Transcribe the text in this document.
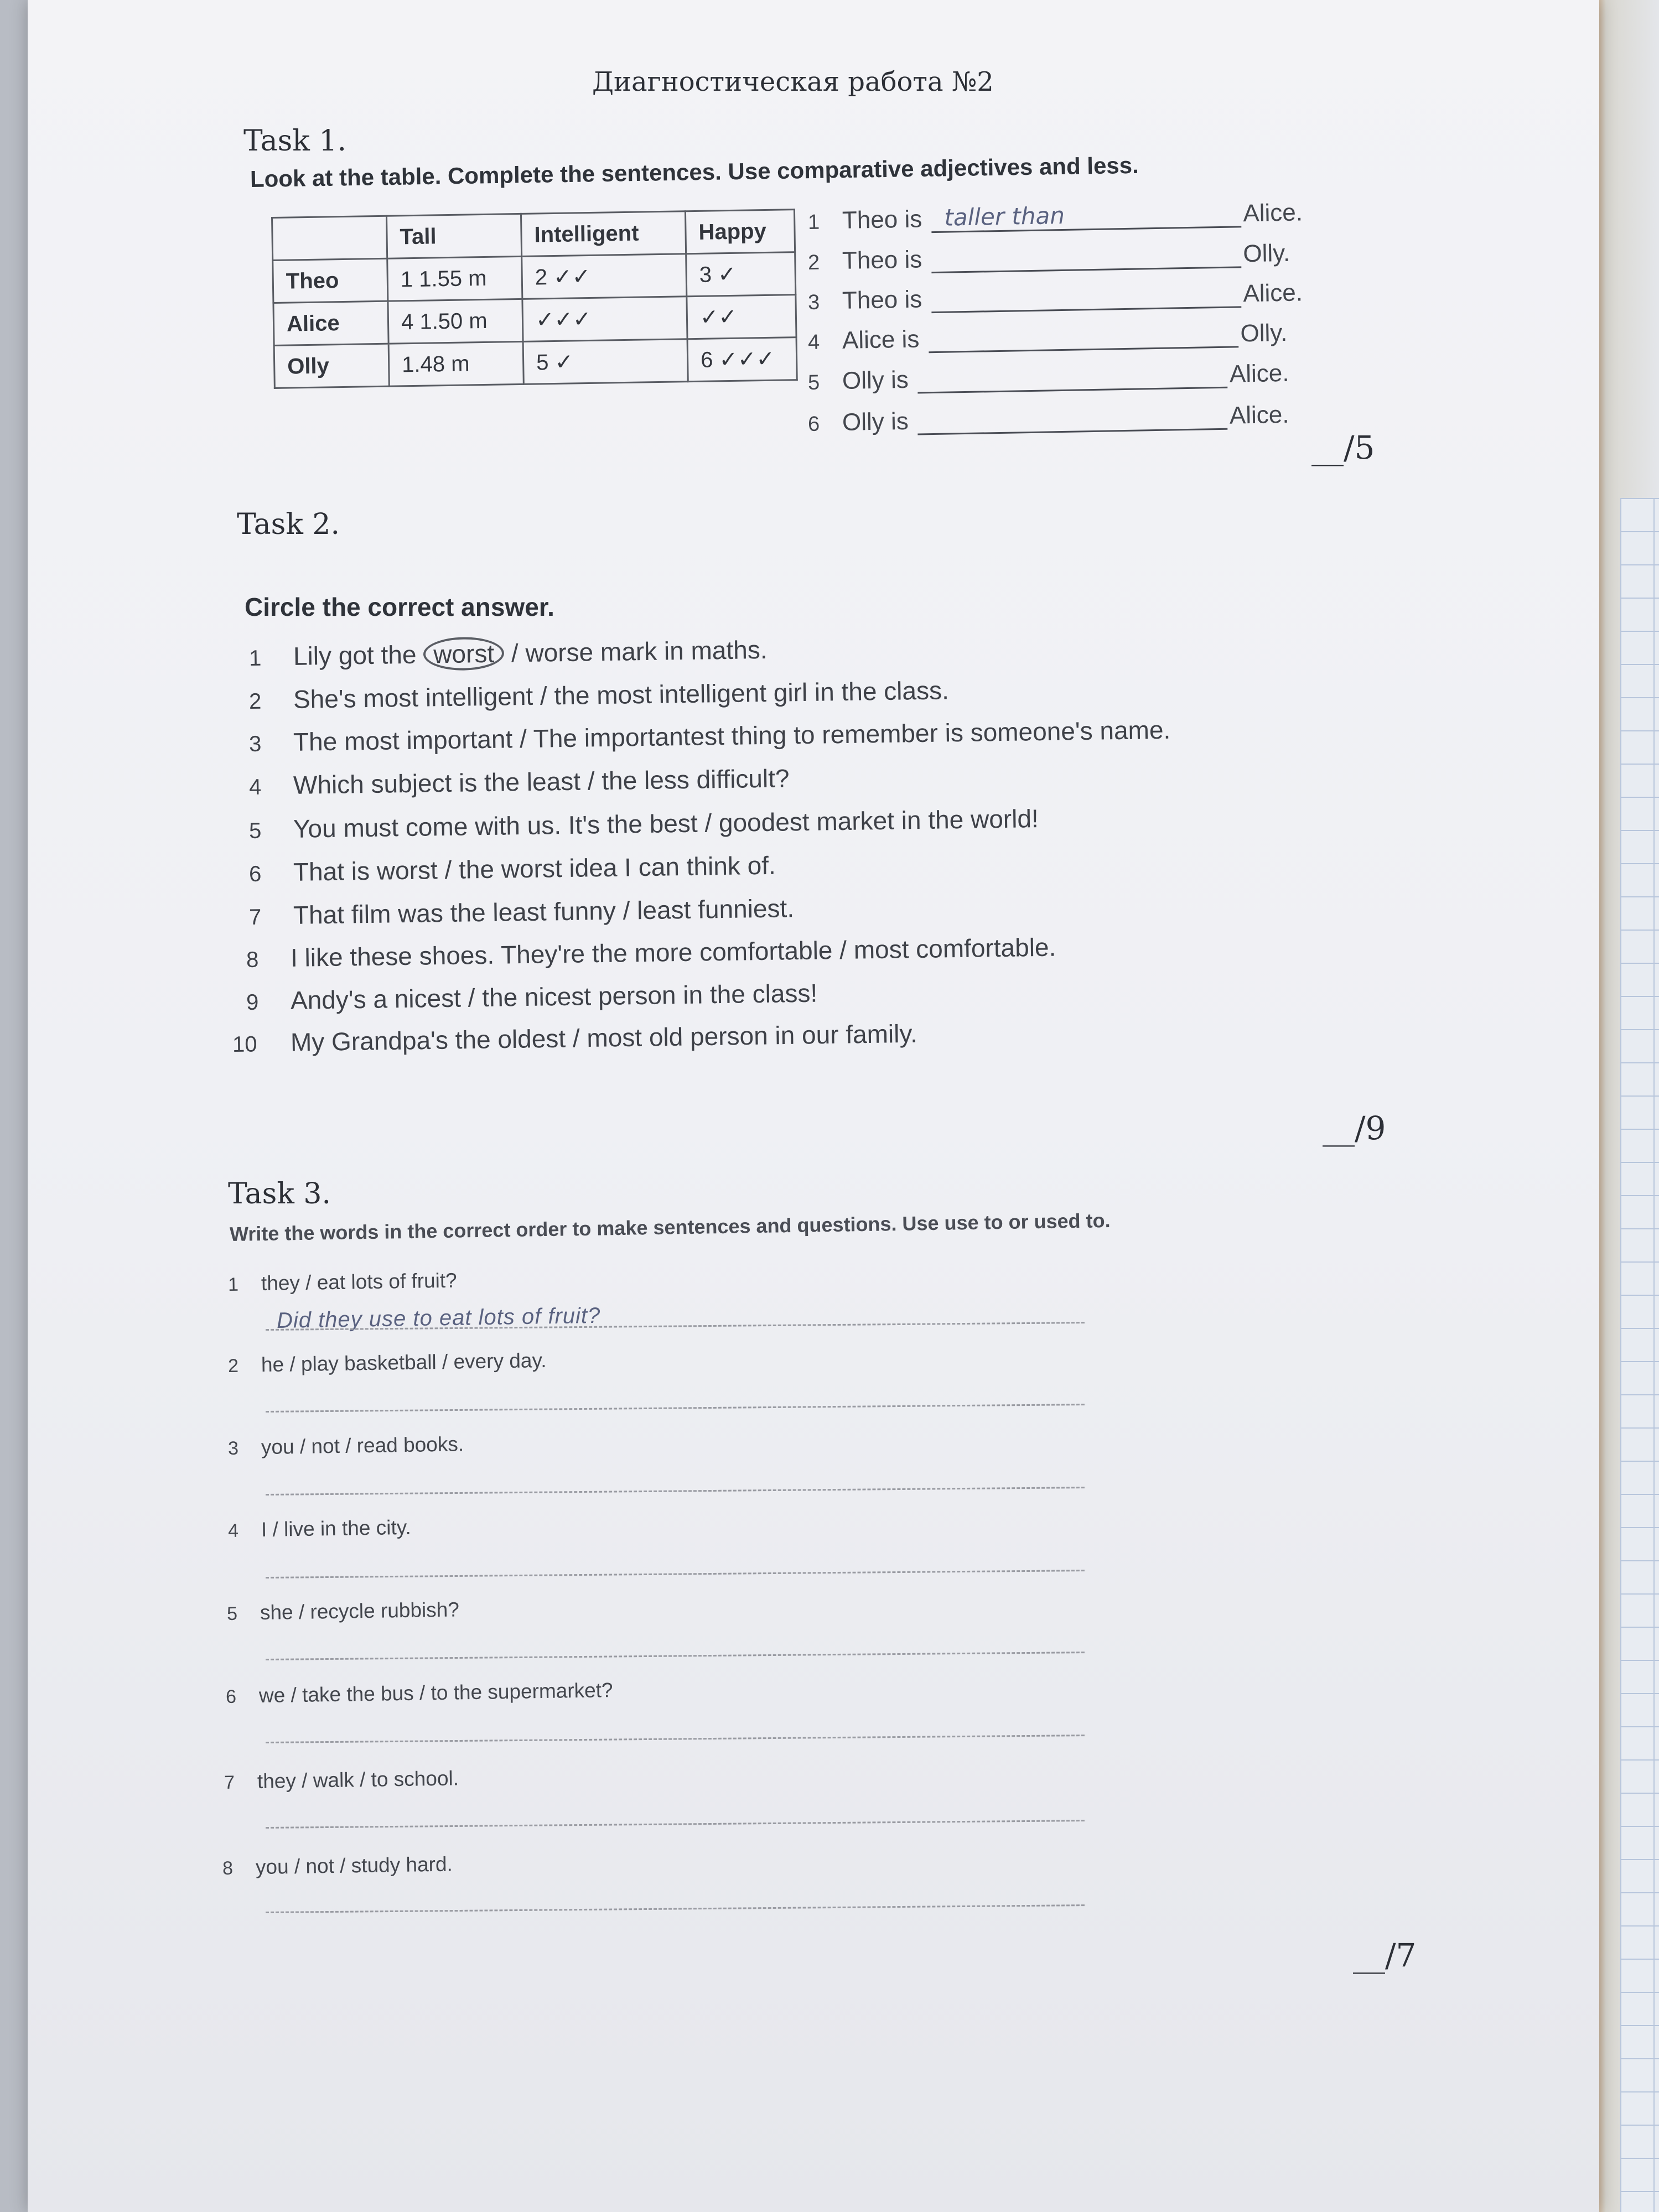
Диагностическая работа №2
Task 1.
Look at the table. Complete the sentences. Use comparative adjectives and less.
	Tall	Intelligent	Happy
Theo	1 1.55 m	2 ✓✓	3 ✓
Alice	4 1.50 m	✓✓✓	✓✓
Olly	1.48 m	5 ✓	6 ✓✓✓
1 Theo is taller than	Alice.
2 Theo is	Olly.
3 Theo is	Alice.
4 Alice is	Olly.
5 Olly is	Alice.
6 Olly is	Alice.
__/5
Task 2.
Circle the correct answer.
1 Lily got the worst / worse mark in maths.
2 She's most intelligent / the most intelligent girl in the class.
3 The most important / The importantest thing to remember is someone's name.
4 Which subject is the least / the less difficult?
5 You must come with us. It's the best / goodest market in the world!
6 That is worst / the worst idea I can think of.
7 That film was the least funny / least funniest.
8 I like these shoes. They're the more comfortable / most comfortable.
9 Andy's a nicest / the nicest person in the class!
10 My Grandpa's the oldest / most old person in our family.
__/9
Task 3.
Write the words in the correct order to make sentences and questions. Use use to or used to.
1 they / eat lots of fruit?
Did they use to eat lots of fruit?
2 he / play basketball / every day.
3 you / not / read books.
4 I / live in the city.
5 she / recycle rubbish?
6 we / take the bus / to the supermarket?
7 they / walk / to school.
8 you / not / study hard.
__/7
